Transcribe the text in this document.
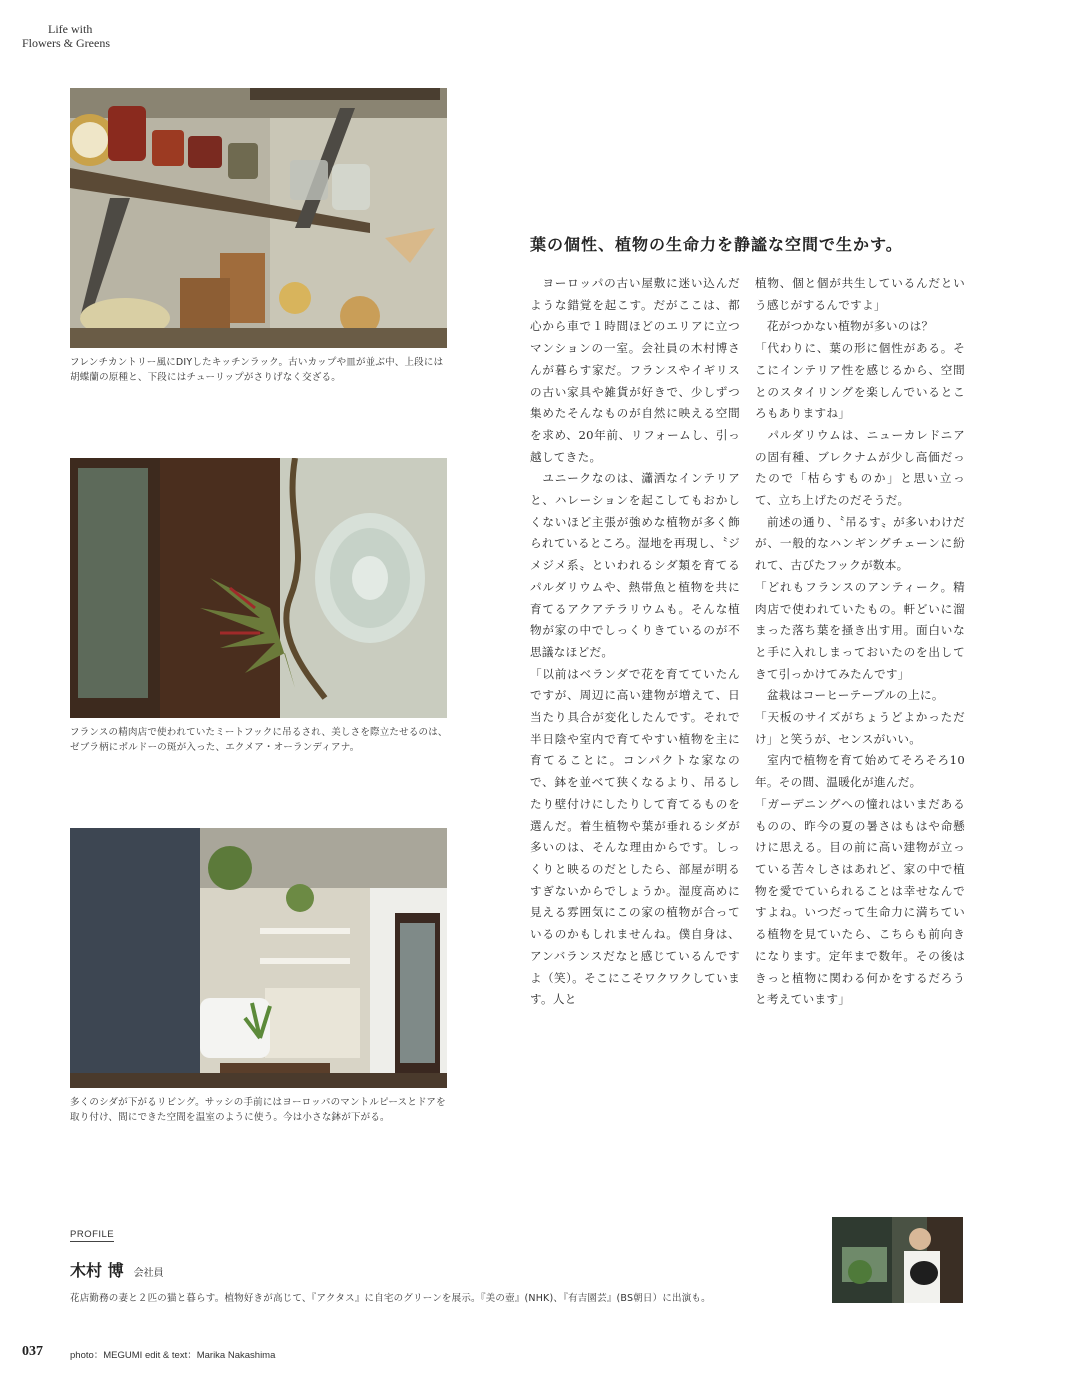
Life with
Flowers & Greens
フレンチカントリー風にDIYしたキッチンラック。古いカップや皿が並ぶ中、上段には胡蝶蘭の原種と、下段にはチューリップがさりげなく交ざる。
フランスの精肉店で使われていたミートフックに吊るされ、美しさを際立たせるのは、ゼブラ柄にボルドーの斑が入った、エクメア・オーランディアナ。
多くのシダが下がるリビング。サッシの手前にはヨーロッパのマントルピースとドアを取り付け、間にできた空間を温室のように使う。今は小さな鉢が下がる。
葉の個性、植物の生命力を静謐な空間で生かす。

　ヨーロッパの古い屋敷に迷い込んだような錯覚を起こす。だがここは、都心から車で１時間ほどのエリアに立つマンションの一室。会社員の木村博さんが暮らす家だ。フランスやイギリスの古い家具や雑貨が好きで、少しずつ集めたそんなものが自然に映える空間を求め、20年前、リフォームし、引っ越してきた。
　ユニークなのは、瀟洒なインテリアと、ハレーションを起こしてもおかしくないほど主張が強めな植物が多く飾られているところ。湿地を再現し、〝ジメジメ系〟といわれるシダ類を育てるパルダリウムや、熱帯魚と植物を共に育てるアクアテラリウムも。そんな植物が家の中でしっくりきているのが不思議なほどだ。
「以前はベランダで花を育てていたんですが、周辺に高い建物が増えて、日当たり具合が変化したんです。それで半日陰や室内で育てやすい植物を主に育てることに。コンパクトな家なので、鉢を並べて狭くなるより、吊るしたり壁付けにしたりして育てるものを選んだ。着生植物や葉が垂れるシダが多いのは、そんな理由からです。しっくりと映るのだとしたら、部屋が明るすぎないからでしょうか。湿度高めに見える雰囲気にこの家の植物が合っているのかもしれませんね。僕自身は、アンバランスだなと感じているんですよ（笑）。そこにこそワクワクしています。人と

植物、個と個が共生しているんだという感じがするんですよ」
　花がつかない植物が多いのは？
「代わりに、葉の形に個性がある。そこにインテリア性を感じるから、空間とのスタイリングを楽しんでいるところもありますね」
　パルダリウムは、ニューカレドニアの固有種、ブレクナムが少し高価だったので「枯らすものか」と思い立って、立ち上げたのだそうだ。
　前述の通り、〝吊るす〟が多いわけだが、一般的なハンギングチェーンに紛れて、古びたフックが数本。
「どれもフランスのアンティーク。精肉店で使われていたもの。軒どいに溜まった落ち葉を掻き出す用。面白いなと手に入れしまっておいたのを出してきて引っかけてみたんです」
　盆栽はコーヒーテーブルの上に。
「天板のサイズがちょうどよかっただけ」と笑うが、センスがいい。
　室内で植物を育て始めてそろそろ10年。その間、温暖化が進んだ。
「ガーデニングへの憧れはいまだあるものの、昨今の夏の暑さはもはや命懸けに思える。目の前に高い建物が立っている苦々しさはあれど、家の中で植物を愛でていられることは幸せなんですよね。いつだって生命力に満ちている植物を見ていたら、こちらも前向きになります。定年まで数年。その後はきっと植物に関わる何かをするだろうと考えています」

PROFILE
木村 博 会社員
花店勤務の妻と２匹の猫と暮らす。植物好きが高じて、『アクタス』に自宅のグリーンを展示。『美の壺』(NHK)、『有吉園芸』(BS朝日）に出演も。
037	photo：MEGUMI edit & text：Marika Nakashima
